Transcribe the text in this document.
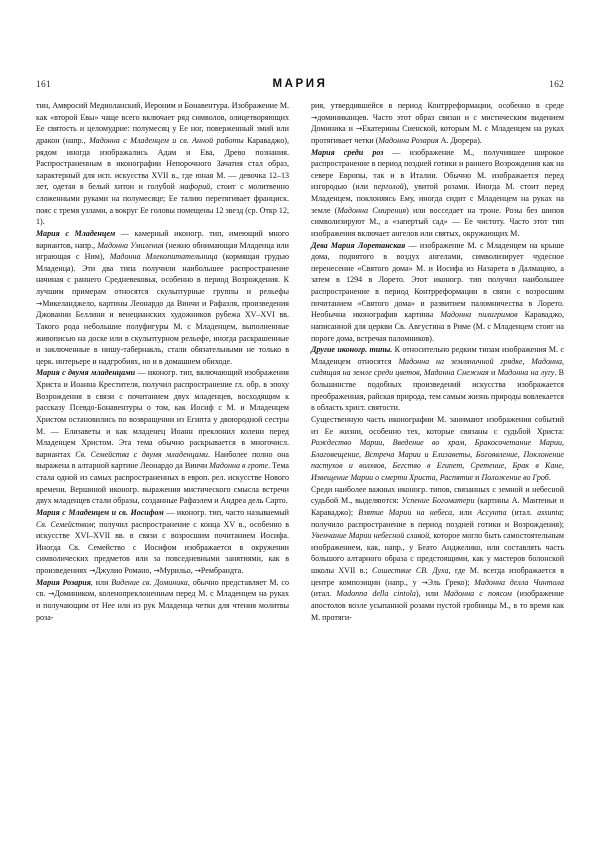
161	МАРИЯ	162

тин, Амвросий Медиоланский, Иероним и Бонавентура. Изображение М. как «второй Евы» чаще всего включает ряд символов, олицетворяющих Ее святость и целомудрие: полумесяц у Ее ног, поверженный змий или дракон (напр., Мадонна с Младенцем и св. Анной работы Караваджо), рядом иногда изображались Адам и Ева, Древо познания. Распространенным в иконографии Непорочного Зачатия стал образ, характерный для исп. искусства XVII в., где юная М. — девочка 12–13 лет, одетая в белый хитон и голубой мафорий, стоит с молитвенно сложенными руками на полумесяце; Ее талию перетягивает франциск. пояс с тремя узлами, а вокруг Ее головы помещены 12 звезд (ср. Откр 12, 1).

Мария с Младенцем — камерный иконогр. тип, имеющий много вариантов, напр., Мадонна Умиления (нежно обнимающая Младенца или играющая с Ним), Мадонна Млекопитательница (кормящая грудью Младенца). Эти два типа получили наибольшее распространение начиная с раннего Средневековья, особенно в период Возрождения. К лучшим примерам относятся скульптурные группы и рельефы →Микеланджело, картины Леонардо да Винчи и Рафаэля, произведения Джованни Беллини и венецианских художников рубежа XV–XVI вв. Такого рода небольшие полуфигуры М. с Младенцем, выполненные живописью на доске или в скульптурном рельефе, иногда раскрашенные и заключенные в нишу-табернакль, стали обязательными не только в церк. интерьере и надгробиях, но и в домашнем обиходе.

Мария с двумя младенцами — иконогр. тип, включающий изображения Христа и Иоанна Крестителя, получил распространение гл. обр. в эпоху Возрождения в связи с почитанием двух младенцев, восходящим к рассказу Псевдо-Бонавентуры о том, как Иосиф с М. и Младенцем Христом остановились по возвращении из Египта у двоюродной сестры М. — Елизаветы и как младенец Иоанн преклонил колени перед Младенцем Христом. Эта тема обычно раскрывается в многочисл. вариантах Св. Семейства с двумя младенцами. Наиболее полно она выражена в алтарной картине Леонардо да Винчи Мадонна в гроте. Тема стала одной из самых распространенных в европ. рел. искусстве Нового времени. Вершиной иконогр. выражения мистического смысла встречи двух младенцев стали образы, созданные Рафаэлем и Андреа дель Сарто.

Мария с Младенцем и св. Иосифом — иконогр. тип, часто называемый Св. Семейством; получил распространение с конца XV в., особенно в искусстве XVI–XVII вв. в связи с возросшим почитанием Иосифа. Иногда Св. Семейство с Иосифом изображается в окружении символических предметов или за повседневными занятиями, как в произведениях →Джулио Романо, →Мурильо, →Рембрандта.

Мария Розария, или Видение св. Доминика, обычно представляет М. со св. →Домиником, коленопреклоненным перед М. с Младенцем на руках и получающим от Нее или из рук Младенца четки для чтения молитвы роза-

рия, утвердившейся в период Контрреформации, особенно в среде →доминиканцев. Часто этот образ связан и с мистическим видением Доминика и →Екатерины Сиенской, которым М. с Младенцем на руках протягивает четки (Мадонна Розария А. Дюрера).

Мария среди роз — изображение М., получившее широкое распространение в период поздней готики и раннего Возрождения как на севере Европы, так и в Италии. Обычно М. изображается перед изгородью (или перголой), увитой розами. Иногда М. стоит перед Младенцем, поклоняясь Ему, иногда сидит с Младенцем на руках на земле (Мадонна Смирения) или восседает на троне. Розы без шипов символизируют М., а «запертый сад» — Ее чистоту. Часто этот тип изображения включает ангелов или святых, окружающих М.

Дева Мария Лоретанская — изображение М. с Младенцем на крыше дома, поднятого в воздух ангелами, символизирует чудесное перенесение «Святого дома» М. и Иосифа из Назарета в Далмацию, а затем в 1294 в Лорето. Этот иконогр. тип получил наибольшее распространение в период Контрреформации в связи с возросшим почитанием «Святого дома» и развитием паломничества в Лорето. Необычна иконография картины Мадонна пилигримов Караваджо, написанной для церкви Св. Августина в Риме (М. с Младенцем стоят на пороге дома, встречая паломников).

Другие иконогр. типы. К относительно редким типам изображения М. с Младенцем относятся Мадонна на земляничной грядке, Мадонна, сидящая на земле среди цветов, Мадонна Снежная и Мадонна на лугу. В большинстве подобных произведений искусства изображается преображенная, райская природа, тем самым жизнь природы вовлекается в область христ. святости.

Существенную часть иконографии М. занимают изображения событий из Ее жизни, особенно тех, которые связаны с судьбой Христа: Рождество Марии, Введение во храм, Бракосочетание Марии, Благовещение, Встреча Марии и Елизаветы, Богоявление, Поклонение пастухов и волхвов, Бегство в Египет, Сретение, Брак в Кане, Извещение Марии о смерти Христа, Распятие и Положение во Гроб.

Среди наиболее важных иконогр. типов, связанных с земной и небесной судьбой М., выделяются: Успение Богоматери (картины А. Мантеньи и Караваджо); Взятие Марии на небеса, или Ассунта (итал. assunta; получило распространение в период поздней готики и Возрождения); Увенчание Марии небесной славой, которое могло быть самостоятельным изображением, как, напр., у Беато Анджелико, или составлять часть большого алтарного образа с предстоящими, как у мастеров болонской школы XVII в.; Сошествие СВ. Духа, где М. всегда изображается в центре композиции (напр., у →Эль Греко); Мадонна делла Чинтола (итал. Madonna della cintola), или Мадонна с поясом (изображение апостолов возле усыпанной розами пустой гробницы М., в то время как М. протяги-
